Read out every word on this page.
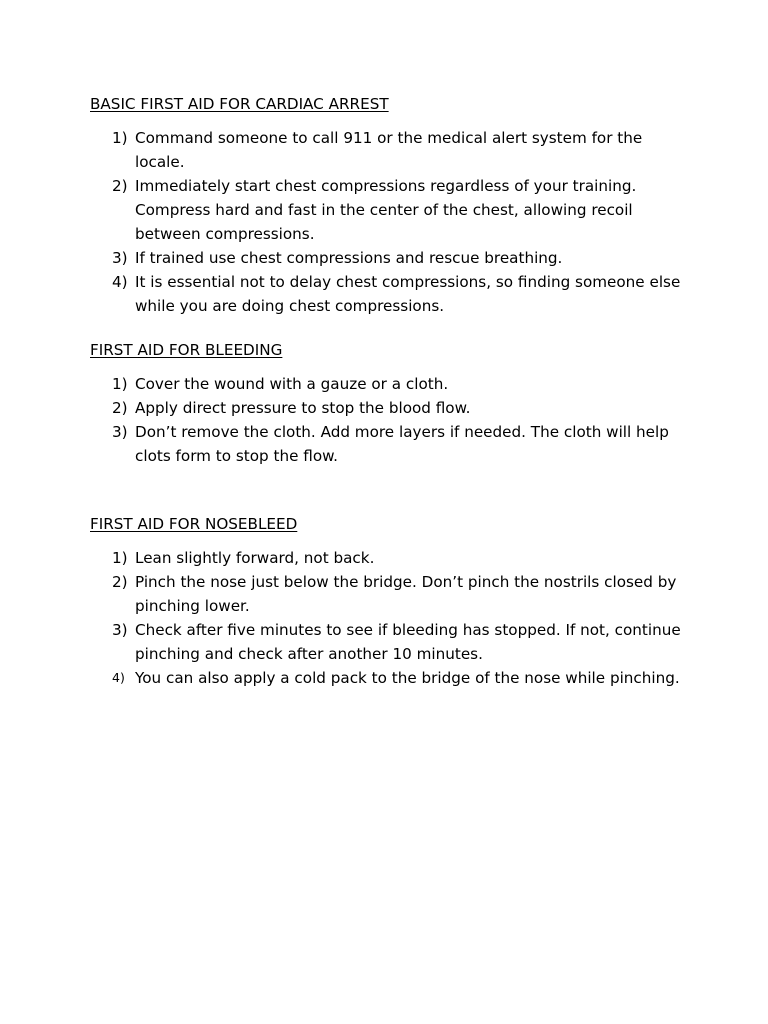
BASIC FIRST AID FOR CARDIAC ARREST
1) Command someone to call 911 or the medical alert system for the locale.
2) Immediately start chest compressions regardless of your training. Compress hard and fast in the center of the chest, allowing recoil between compressions.
3) If trained use chest compressions and rescue breathing.
4) It is essential not to delay chest compressions, so finding someone else while you are doing chest compressions.
FIRST AID FOR BLEEDING
1) Cover the wound with a gauze or a cloth.
2) Apply direct pressure to stop the blood flow.
3) Don’t remove the cloth. Add more layers if needed. The cloth will help clots form to stop the flow.
FIRST AID FOR NOSEBLEED
1) Lean slightly forward, not back.
2) Pinch the nose just below the bridge. Don’t pinch the nostrils closed by pinching lower.
3) Check after five minutes to see if bleeding has stopped. If not, continue pinching and check after another 10 minutes.
4) You can also apply a cold pack to the bridge of the nose while pinching.
